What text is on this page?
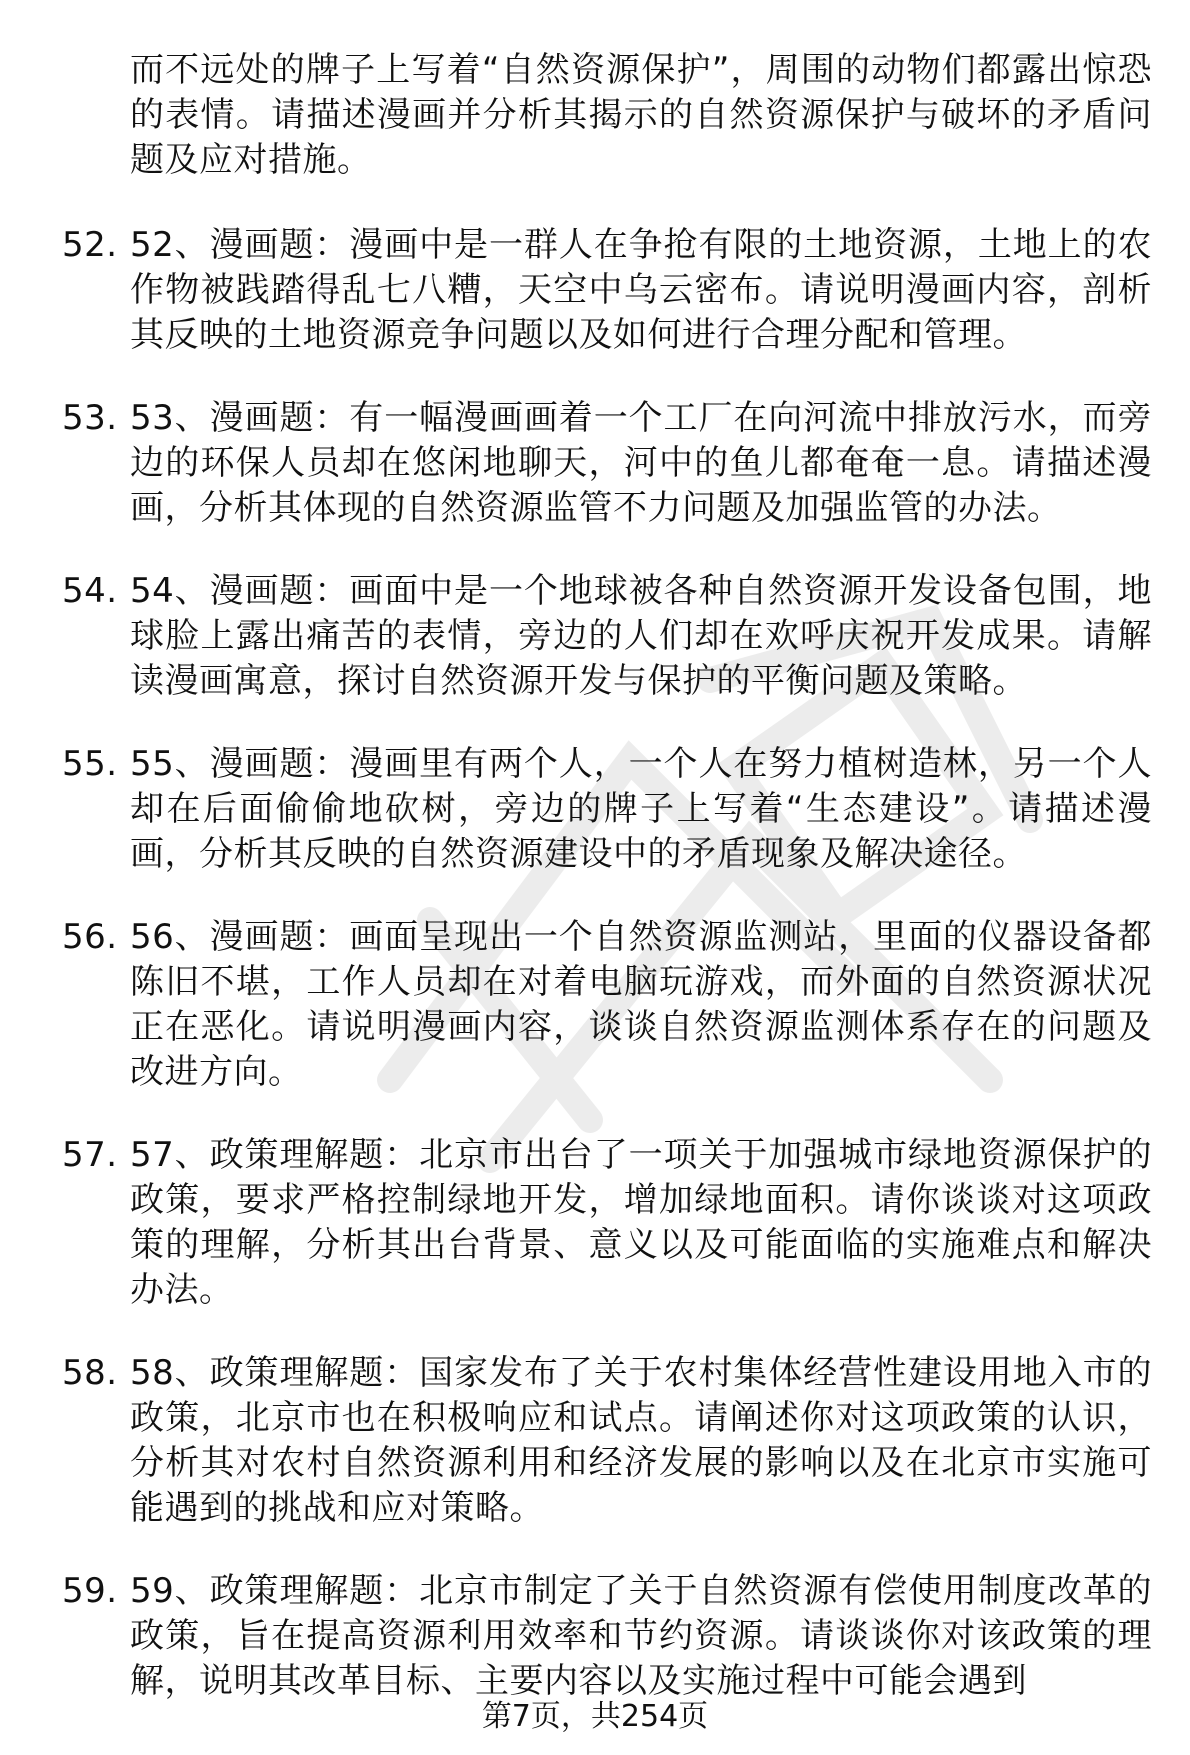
而不远处的牌子上写着“自然资源保护”，周围的动物们都露出惊恐的表情。请描述漫画并分析其揭示的自然资源保护与破坏的矛盾问题及应对措施。
52. 52、漫画题：漫画中是一群人在争抢有限的土地资源，土地上的农作物被践踏得乱七八糟，天空中乌云密布。请说明漫画内容，剖析其反映的土地资源竞争问题以及如何进行合理分配和管理。
53. 53、漫画题：有一幅漫画画着一个工厂在向河流中排放污水，而旁边的环保人员却在悠闲地聊天，河中的鱼儿都奄奄一息。请描述漫画，分析其体现的自然资源监管不力问题及加强监管的办法。
54. 54、漫画题：画面中是一个地球被各种自然资源开发设备包围，地球脸上露出痛苦的表情，旁边的人们却在欢呼庆祝开发成果。请解读漫画寓意，探讨自然资源开发与保护的平衡问题及策略。
55. 55、漫画题：漫画里有两个人，一个人在努力植树造林，另一个人却在后面偷偷地砍树，旁边的牌子上写着“生态建设”。请描述漫画，分析其反映的自然资源建设中的矛盾现象及解决途径。
56. 56、漫画题：画面呈现出一个自然资源监测站，里面的仪器设备都陈旧不堪，工作人员却在对着电脑玩游戏，而外面的自然资源状况正在恶化。请说明漫画内容，谈谈自然资源监测体系存在的问题及改进方向。
57. 57、政策理解题：北京市出台了一项关于加强城市绿地资源保护的政策，要求严格控制绿地开发，增加绿地面积。请你谈谈对这项政策的理解，分析其出台背景、意义以及可能面临的实施难点和解决办法。
58. 58、政策理解题：国家发布了关于农村集体经营性建设用地入市的政策，北京市也在积极响应和试点。请阐述你对这项政策的认识，分析其对农村自然资源利用和经济发展的影响以及在北京市实施可能遇到的挑战和应对策略。
59. 59、政策理解题：北京市制定了关于自然资源有偿使用制度改革的政策，旨在提高资源利用效率和节约资源。请谈谈你对该政策的理解，说明其改革目标、主要内容以及实施过程中可能会遇到
第7页，共254页
